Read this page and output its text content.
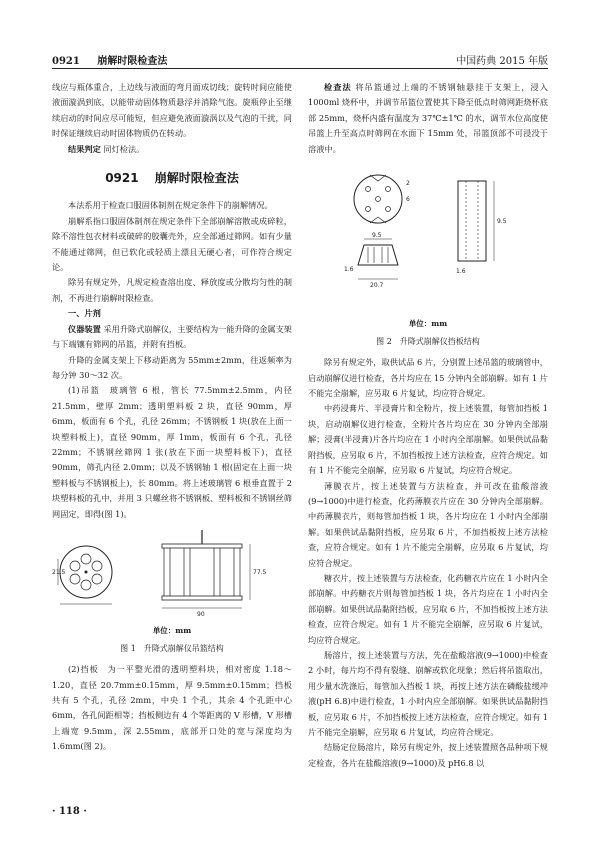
0921 崩解时限检查法	中国药典 2015 年版

线应与瓶体重合，上边线与液面的弯月面成切线；旋转时间应能使液面漩涡到底，以能带动固体物质悬浮并消除气泡。旋瓶停止至继续启动的时间应尽可能短，但应避免液面漩涡以及气泡的干扰，同时保证继续启动时固体物质仍在转动。

结果判定 同灯检法。

0921 崩解时限检查法

本法系用于检查口服固体制剂在规定条件下的崩解情况。

崩解系指口服固体制剂在规定条件下全部崩解溶散或成碎粒，除不溶性包衣材料或破碎的胶囊壳外，应全部通过筛网。如有少量不能通过筛网，但已软化或轻质上漂且无硬心者，可作符合规定论。

除另有规定外，凡规定检查溶出度、释放度或分散均匀性的制剂，不再进行崩解时限检查。

一、片剂

仪器装置 采用升降式崩解仪，主要结构为一能升降的金属支架与下端镶有筛网的吊篮，并附有挡板。

升降的金属支架上下移动距离为 55mm±2mm，往返频率为每分钟 30～32 次。

(1)吊篮　玻璃管 6 根，管长 77.5mm±2.5mm，内径 21.5mm，壁厚 2mm；透明塑料板 2 块，直径 90mm，厚 6mm，板面有 6 个孔，孔径 26mm；不锈钢板 1 块(放在上面一块塑料板上)，直径 90mm，厚 1mm，板面有 6 个孔，孔径 22mm；不锈钢丝筛网 1 张(放在下面一块塑料板下)，直径 90mm，筛孔内径 2.0mm；以及不锈钢轴 1 根(固定在上面一块塑料板与不锈钢板上)，长 80mm。将上述玻璃管 6 根垂直置于 2 块塑料板的孔中，并用 3 只螺丝将不锈钢板、塑料板和不锈钢丝筛网固定，即得(图 1)。

21.5	77.5
90
单位：mm
图 1　升降式崩解仪吊篮结构

(2)挡板　为一平整光滑的透明塑料块，相对密度 1.18～1.20，直径 20.7mm±0.15mm，厚 9.5mm±0.15mm；挡板共有 5 个孔，孔径 2mm，中央 1 个孔，其余 4 个孔距中心 6mm，各孔间距相等；挡板侧边有 4 个等距离的 V 形槽，V 形槽上端宽 9.5mm，深 2.55mm，底部开口处的宽与深度均为 1.6mm(图 2)。

检查法 将吊篮通过上端的不锈钢轴悬挂于支架上，浸入 1000ml 烧杯中，并调节吊篮位置使其下降至低点时筛网距烧杯底部 25mm，烧杯内盛有温度为 37℃±1℃ 的水，调节水位高度使吊篮上升至高点时筛网在水面下 15mm 处，吊篮顶部不可浸没于溶液中。

2
6
9.5
20.7
1.6
9.5
1.6
单位：mm
图 2　升降式崩解仪挡板结构

除另有规定外，取供试品 6 片，分别置上述吊篮的玻璃管中，启动崩解仪进行检查，各片均应在 15 分钟内全部崩解。如有 1 片不能完全崩解，应另取 6 片复试，均应符合规定。

中药浸膏片、半浸膏片和全粉片，按上述装置，每管加挡板 1 块，启动崩解仪进行检查，全粉片各片均应在 30 分钟内全部崩解；浸膏(半浸膏)片各片均应在 1 小时内全部崩解。如果供试品黏附挡板，应另取 6 片，不加挡板按上述方法检查，应符合规定。如有 1 片不能完全崩解，应另取 6 片复试，均应符合规定。

薄膜衣片，按上述装置与方法检查，并可改在盐酸溶液(9→1000)中进行检查，化药薄膜衣片应在 30 分钟内全部崩解。中药薄膜衣片，则每管加挡板 1 块，各片均应在 1 小时内全部崩解。如果供试品黏附挡板，应另取 6 片，不加挡板按上述方法检查，应符合规定。如有 1 片不能完全崩解，应另取 6 片复试，均应符合规定。

糖衣片，按上述装置与方法检查，化药糖衣片应在 1 小时内全部崩解。中药糖衣片则每管加挡板 1 块，各片均应在 1 小时内全部崩解。如果供试品黏附挡板，应另取 6 片，不加挡板按上述方法检查，应符合规定。如有 1 片不能完全崩解，应另取 6 片复试，均应符合规定。

肠溶片，按上述装置与方法，先在盐酸溶液(9→1000)中检查 2 小时，每片均不得有裂缝、崩解或软化现象；然后将吊篮取出，用少量水洗涤后，每管加入挡板 1 块，再按上述方法在磷酸盐缓冲液(pH 6.8)中进行检查，1 小时内应全部崩解。如果供试品黏附挡板，应另取 6 片，不加挡板按上述方法检查，应符合规定。如有 1 片不能完全崩解，应另取 6 片复试，均应符合规定。

结肠定位肠溶片，除另有规定外，按上述装置照各品种项下规定检查，各片在盐酸溶液(9→1000)及 pH6.8 以

· 118 ·
